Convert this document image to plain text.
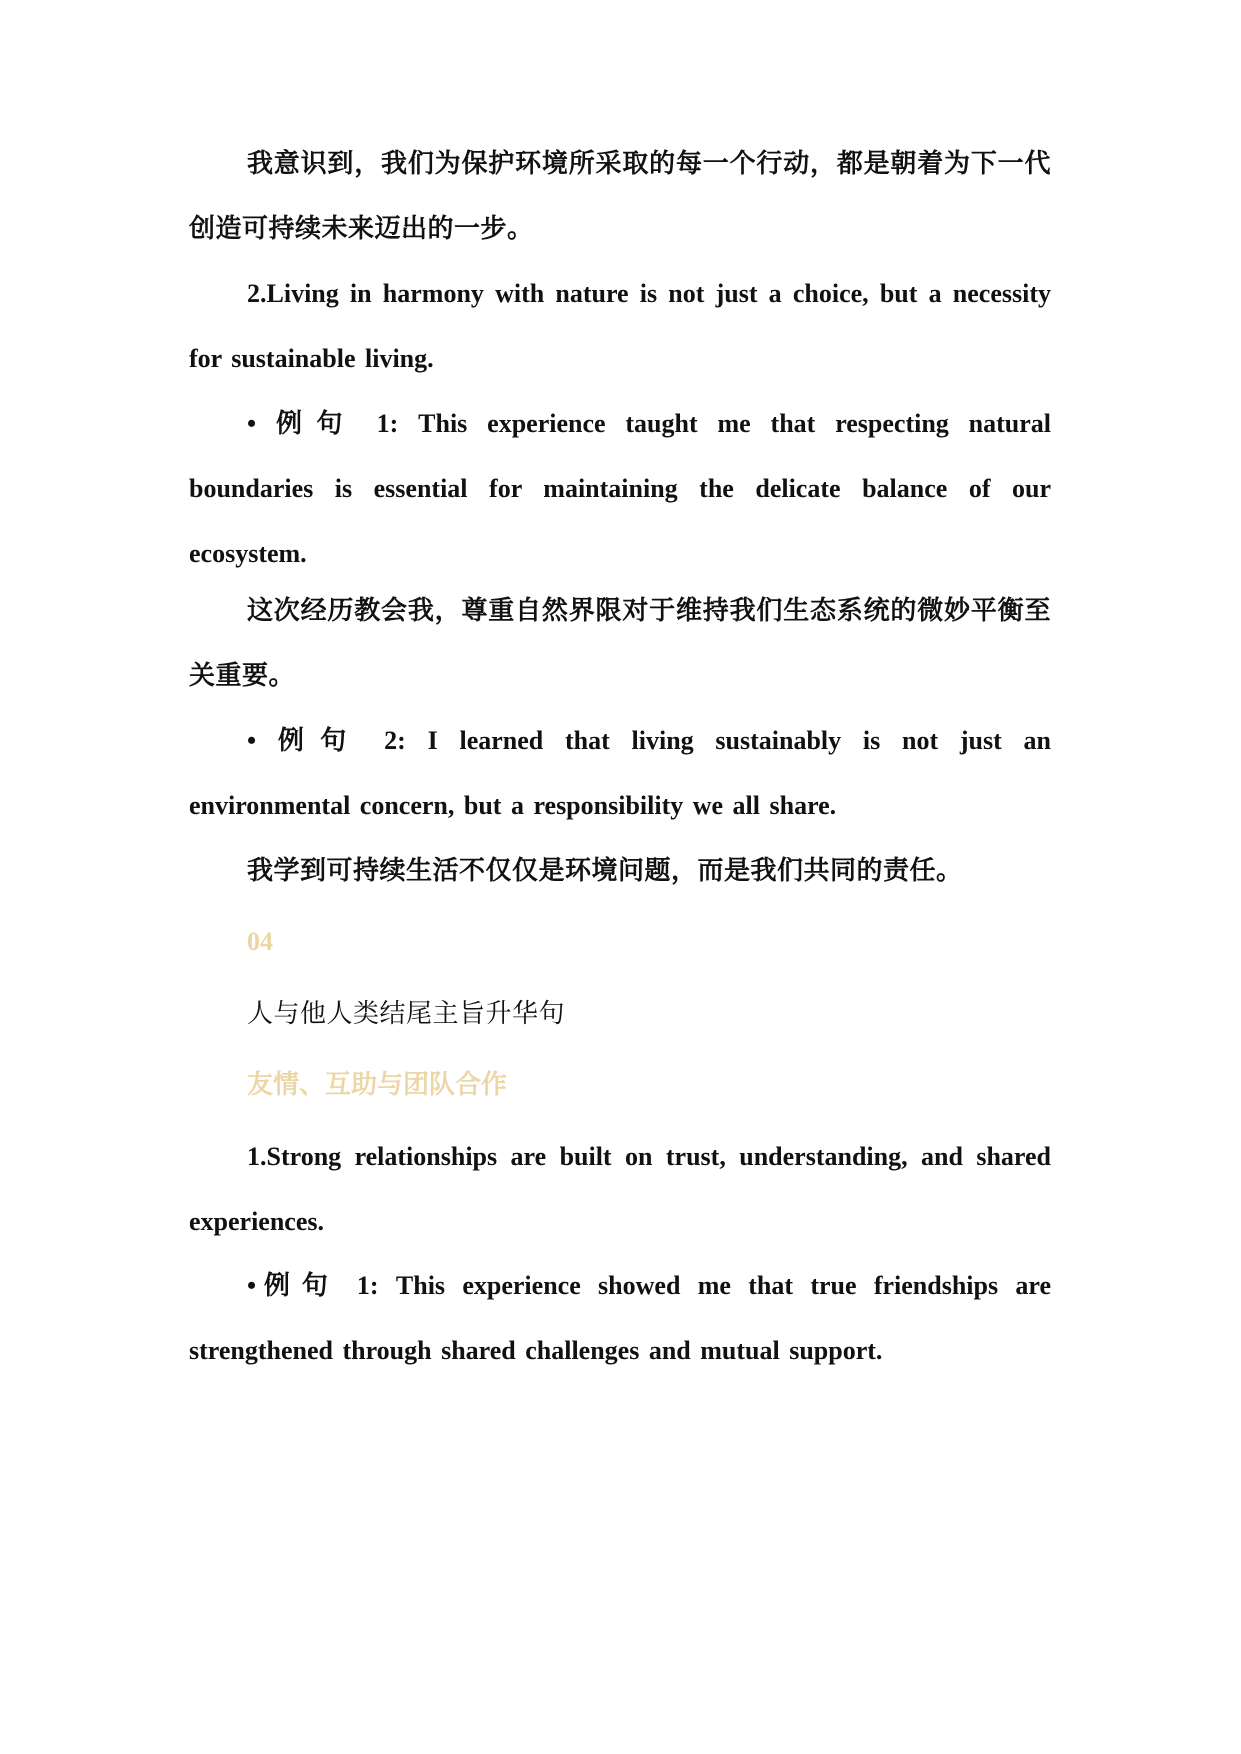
我意识到，我们为保护环境所采取的每一个行动，都是朝着为下一代创造可持续未来迈出的一步。

2.Living in harmony with nature is not just a choice, but a necessity for sustainable living.

• 例句 1: This experience taught me that respecting natural boundaries is essential for maintaining the delicate balance of our ecosystem.

这次经历教会我，尊重自然界限对于维持我们生态系统的微妙平衡至关重要。

• 例句 2: I learned that living sustainably is not just an environmental concern, but a responsibility we all share.

我学到可持续生活不仅仅是环境问题，而是我们共同的责任。

04

人与他人类结尾主旨升华句

友情、互助与团队合作

1.Strong relationships are built on trust, understanding, and shared experiences.

•例句 1: This experience showed me that true friendships are strengthened through shared challenges and mutual support.
